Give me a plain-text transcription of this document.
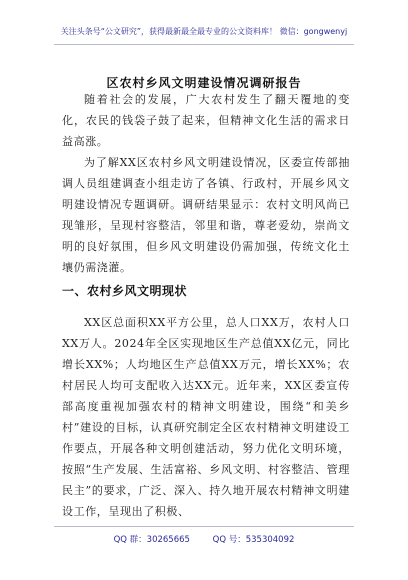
关注头条号“公文研究”，获得最新最全最专业的公文资料库！ 微信：gongwenyj
区农村乡风文明建设情况调研报告

随着社会的发展，广大农村发生了翻天覆地的变化，农民的钱袋子鼓了起来，但精神文化生活的需求日益高涨。

为了解XX区农村乡风文明建设情况，区委宣传部抽调人员组建调查小组走访了各镇、行政村，开展乡风文明建设情况专题调研。调研结果显示：农村文明风尚已现雏形，呈现村容整洁，邻里和谐，尊老爱幼，崇尚文明的良好氛围，但乡风文明建设仍需加强，传统文化土壤仍需浇灌。

一、农村乡风文明现状

XX区总面积XX平方公里，总人口XX万，农村人口XX万人。2024年全区实现地区生产总值XX亿元，同比增长XX%；人均地区生产总值XX万元，增长XX%；农村居民人均可支配收入达XX元。近年来，XX区委宣传部高度重视加强农村的精神文明建设，围绕“和美乡村”建设的目标，认真研究制定全区农村精神文明建设工作要点，开展各种文明创建活动，努力优化文明环境，按照“生产发展、生活富裕、乡风文明、村容整洁、管理民主”的要求，广泛、深入、持久地开展农村精神文明建设工作，呈现出了积极、

QQ 群：30265665	QQ 号：535304092
